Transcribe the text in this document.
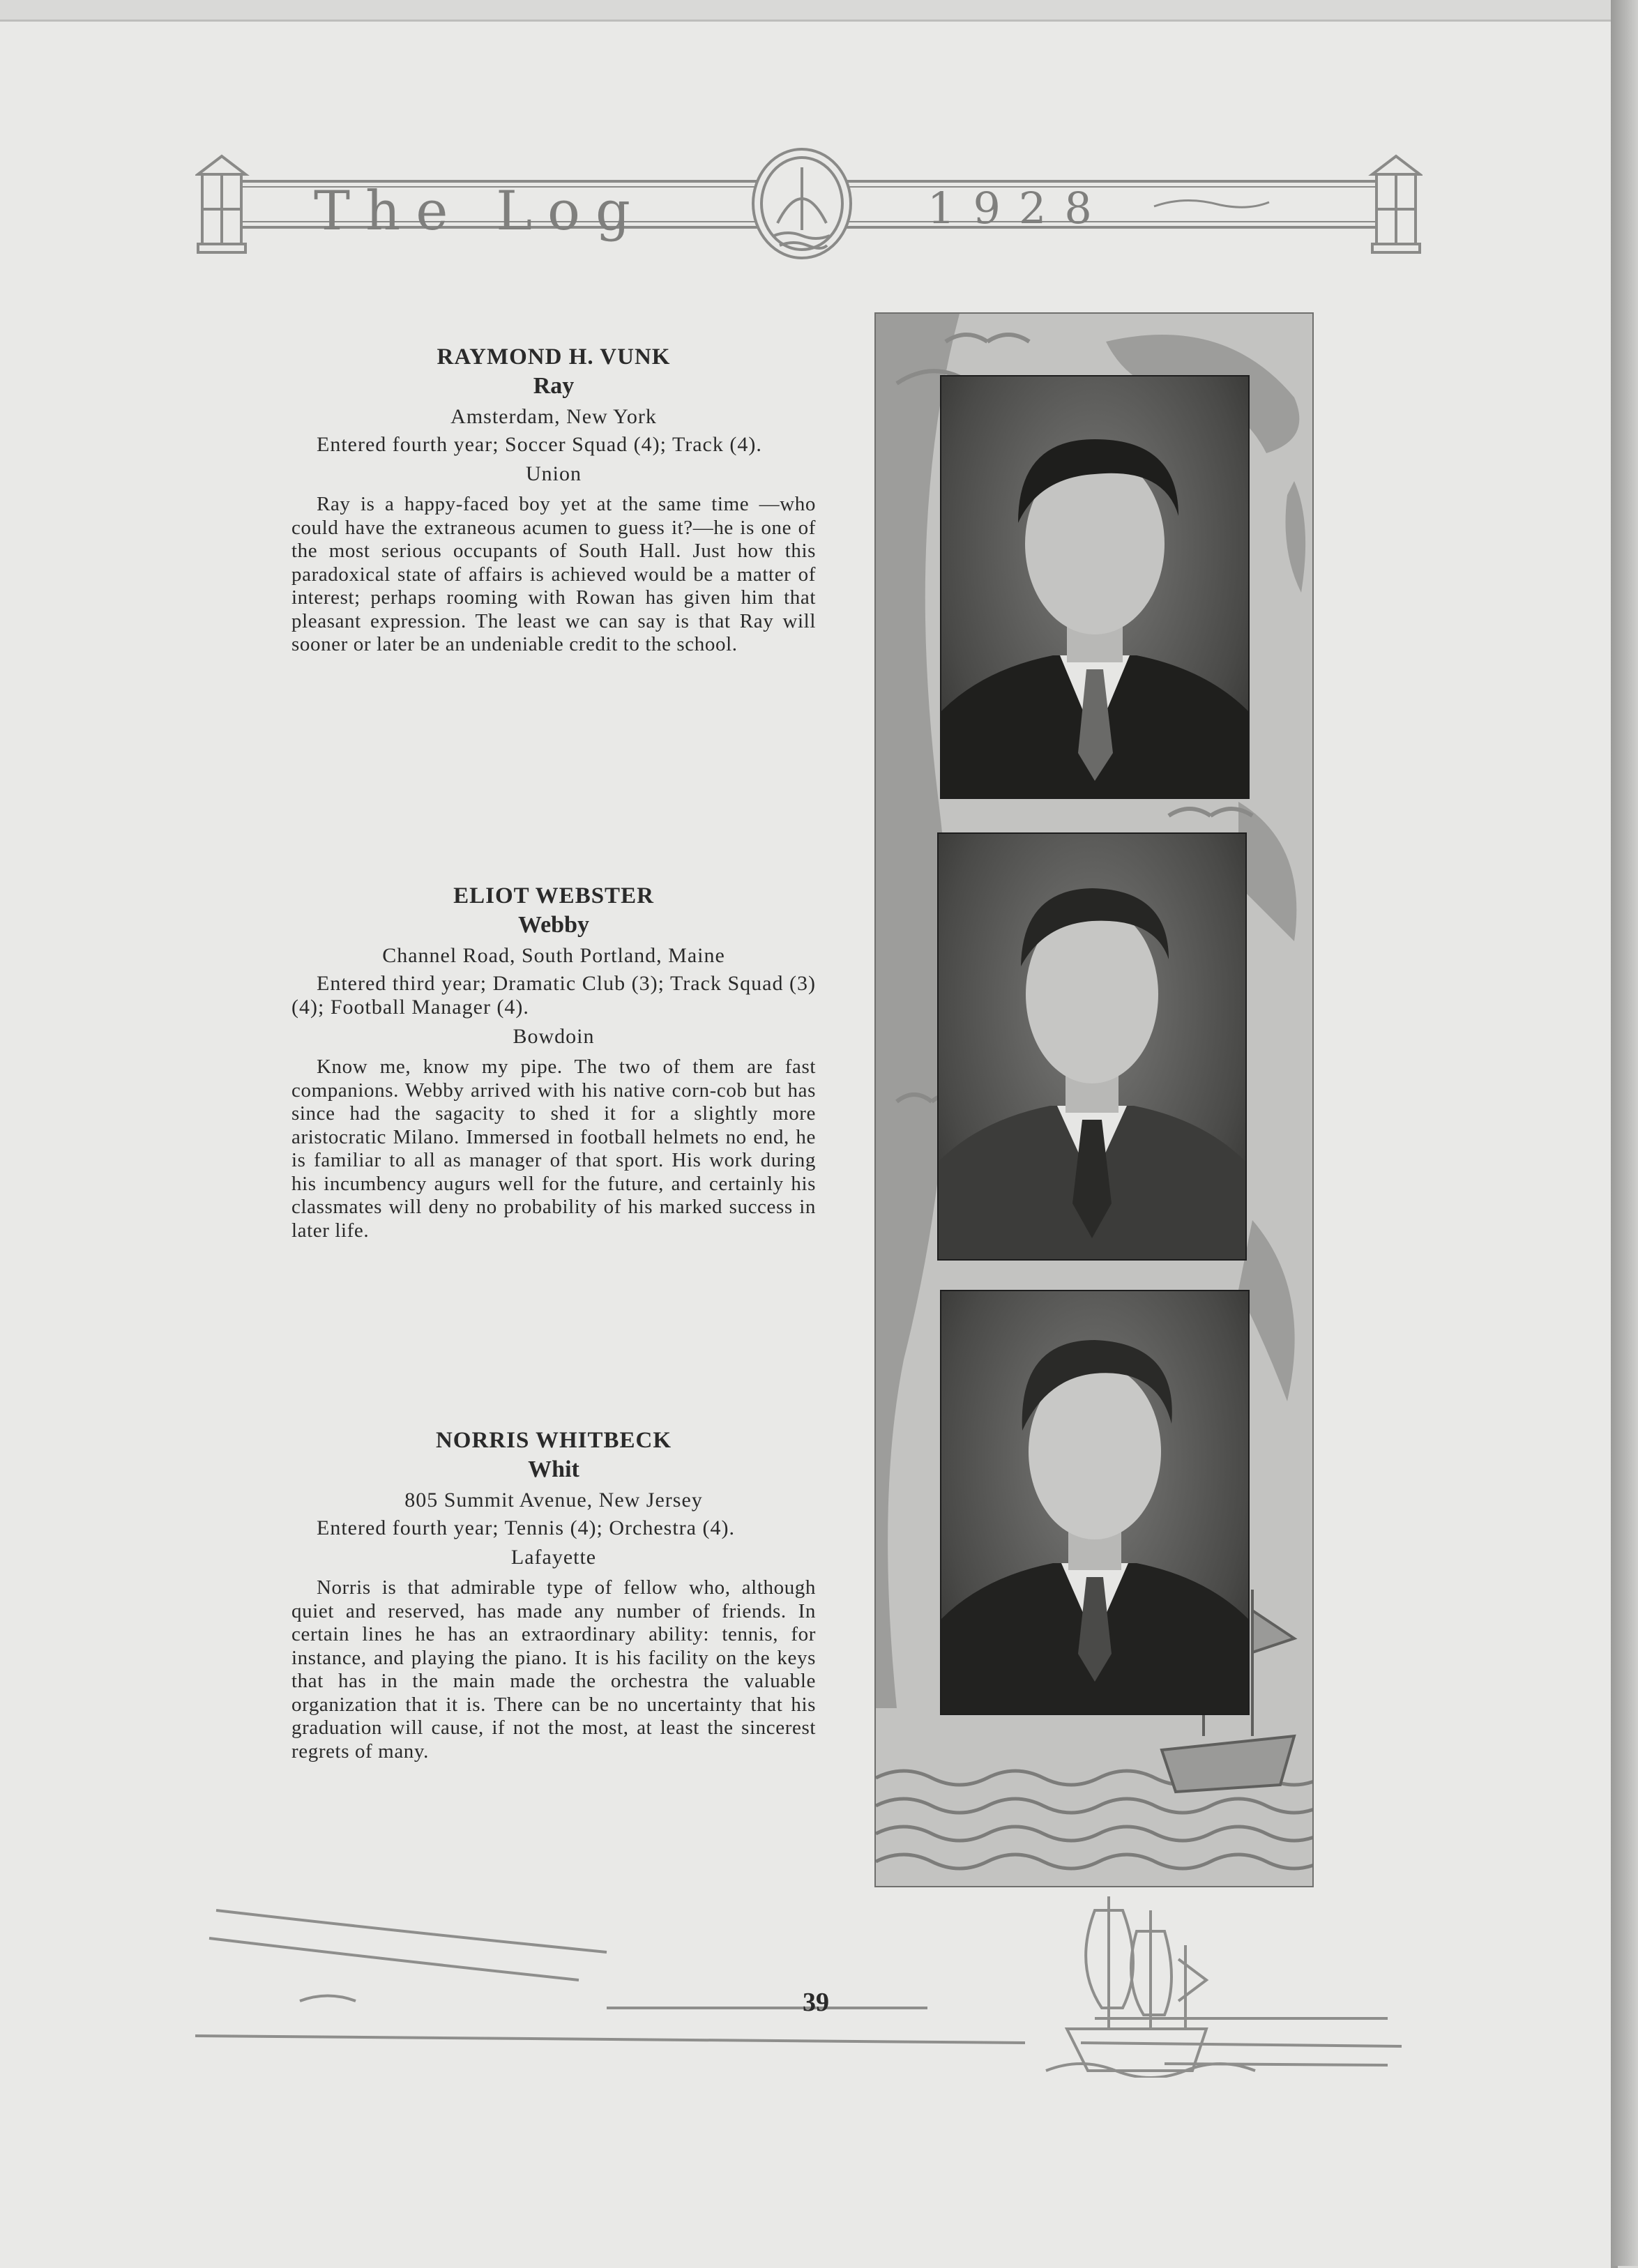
The Log	1928

RAYMOND H. VUNK

Ray

Amsterdam, New York

Entered fourth year; Soccer Squad (4); Track (4).

Union

Ray is a happy-faced boy yet at the same time —who could have the extraneous acumen to guess it?—he is one of the most serious occupants of South Hall. Just how this paradoxical state of affairs is achieved would be a matter of interest; perhaps rooming with Rowan has given him that pleasant expression. The least we can say is that Ray will sooner or later be an undeniable credit to the school.

ELIOT WEBSTER

Webby

Channel Road, South Portland, Maine

Entered third year; Dramatic Club (3); Track Squad (3) (4); Football Manager (4).

Bowdoin

Know me, know my pipe. The two of them are fast companions. Webby arrived with his native corn-cob but has since had the sagacity to shed it for a slightly more aristocratic Milano. Immersed in football helmets no end, he is familiar to all as manager of that sport. His work during his incumbency augurs well for the future, and certainly his classmates will deny no probability of his marked success in later life.

NORRIS WHITBECK

Whit

805 Summit Avenue, New Jersey

Entered fourth year; Tennis (4); Orchestra (4).

Lafayette

Norris is that admirable type of fellow who, although quiet and reserved, has made any number of friends. In certain lines he has an extraordinary ability: tennis, for instance, and playing the piano. It is his facility on the keys that has in the main made the orchestra the valuable organization that it is. There can be no uncertainty that his graduation will cause, if not the most, at least the sincerest regrets of many.

39
